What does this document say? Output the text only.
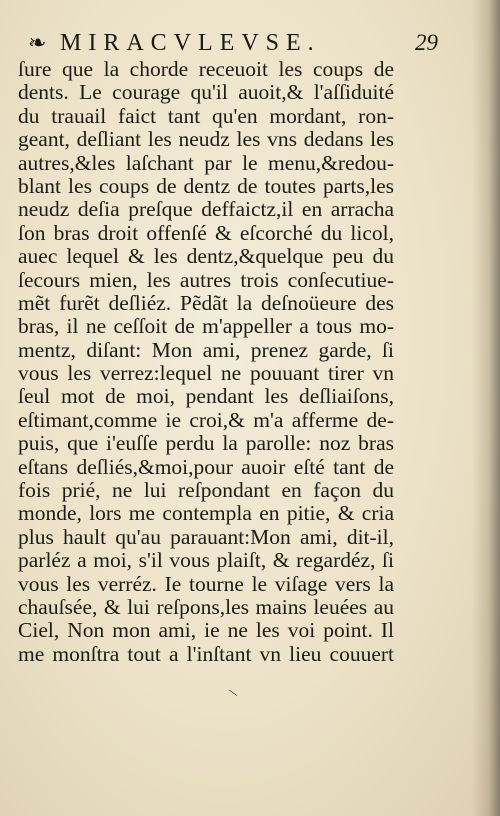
❧ MIRACVLEVSE.	29
ſure que la chorde receuoit les coups de
dents. Le courage qu'il auoit,& l'aſſiduité
du trauail faict tant qu'en mordant, ron-
geant, deſliant les neudz les vns dedans les
autres,&les laſchant par le menu,&redou-
blant les coups de dentz de toutes parts,les
neudz deſia preſque deffaictz,il en arracha
ſon bras droit offenſé & eſcorché du licol,
auec lequel & les dentz,&quelque peu du
ſecours mien, les autres trois conſecutiue-
mẽt furẽt deſliéz. Pẽdãt la deſnoüeure des
bras, il ne ceſſoit de m'appeller a tous mo-
mentz, diſant: Mon ami, prenez garde, ſi
vous les verrez:lequel ne pouuant tirer vn
ſeul mot de moi, pendant les deſliaiſons,
eſtimant,comme ie croi,& m'a afferme de-
puis, que i'euſſe perdu la parolle: noz bras
eſtans deſliés,&moi,pour auoir eſté tant de
fois prié, ne lui reſpondant en façon du
monde, lors me contempla en pitie, & cria
plus hault qu'au parauant:Mon ami, dit-il,
parléz a moi, s'il vous plaiſt, & regardéz, ſi
vous les verréz. Ie tourne le viſage vers la
chauſsée, & lui reſpons,les mains leuées au
Ciel, Non mon ami, ie ne les voi point. Il
me monſtra tout a l'inſtant vn lieu couuert
\
